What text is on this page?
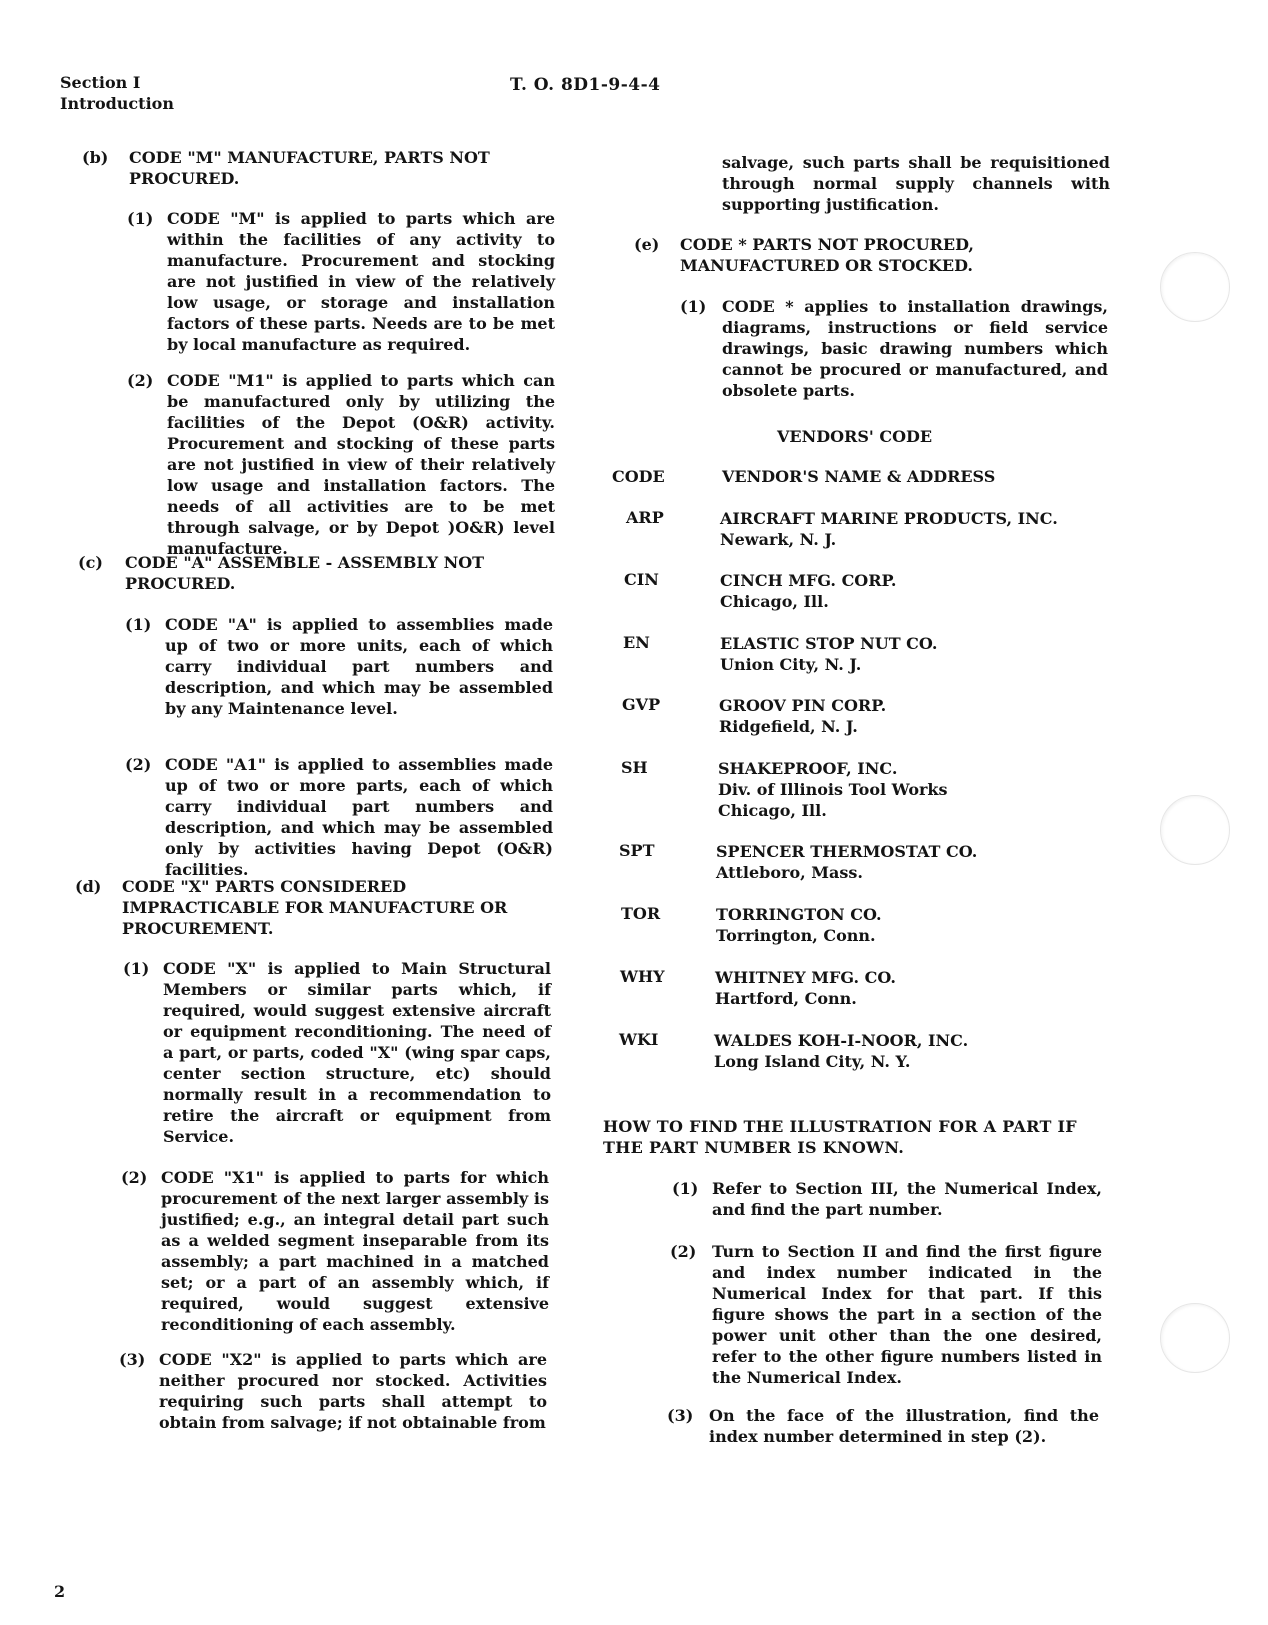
Section I
Introduction
T. O. 8D1-9-4-4
(b) CODE "M" MANUFACTURE, PARTS NOT PROCURED.
(1) CODE "M" is applied to parts which are within the facilities of any activity to manufacture. Procurement and stocking are not justified in view of the relatively low usage, or storage and installation factors of these parts. Needs are to be met by local manufacture as required.
(2) CODE "M1" is applied to parts which can be manufactured only by utilizing the facilities of the Depot (O&R) activity. Procurement and stocking of these parts are not justified in view of their relatively low usage and installation factors. The needs of all activities are to be met through salvage, or by Depot )O&R) level manufacture.
(c) CODE "A" ASSEMBLE - ASSEMBLY NOT PROCURED.
(1) CODE "A" is applied to assemblies made up of two or more units, each of which carry individual part numbers and description, and which may be assembled by any Maintenance level.
(2) CODE "A1" is applied to assemblies made up of two or more parts, each of which carry individual part numbers and description, and which may be assembled only by activities having Depot (O&R) facilities.
(d) CODE "X" PARTS CONSIDERED IMPRACTICABLE FOR MANUFACTURE OR PROCUREMENT.
(1) CODE "X" is applied to Main Structural Members or similar parts which, if required, would suggest extensive aircraft or equipment reconditioning. The need of a part, or parts, coded "X" (wing spar caps, center section structure, etc) should normally result in a recommendation to retire the aircraft or equipment from Service.
(2) CODE "X1" is applied to parts for which procurement of the next larger assembly is justified; e.g., an integral detail part such as a welded segment inseparable from its assembly; a part machined in a matched set; or a part of an assembly which, if required, would suggest extensive reconditioning of each assembly.
(3) CODE "X2" is applied to parts which are neither procured nor stocked. Activities requiring such parts shall attempt to obtain from salvage; if not obtainable from
salvage, such parts shall be requisitioned through normal supply channels with supporting justification.
(e) CODE * PARTS NOT PROCURED, MANUFACTURED OR STOCKED.
(1) CODE * applies to installation drawings, diagrams, instructions or field service drawings, basic drawing numbers which cannot be procured or manufactured, and obsolete parts.
VENDORS' CODE
CODE	VENDOR'S NAME & ADDRESS
ARP
CIN
EN
GVP
SH
SPT
TOR
WHY
WKI
AIRCRAFT MARINE PRODUCTS, INC.
Newark, N. J.
CINCH MFG. CORP.
Chicago, Ill.
ELASTIC STOP NUT CO.
Union City, N. J.
GROOV PIN CORP.
Ridgefield, N. J.
SHAKEPROOF, INC.
Div. of Illinois Tool Works
Chicago, Ill.
SPENCER THERMOSTAT CO.
Attleboro, Mass.
TORRINGTON CO.
Torrington, Conn.
WHITNEY MFG. CO.
Hartford, Conn.
WALDES KOH-I-NOOR, INC.
Long Island City, N. Y.
HOW TO FIND THE ILLUSTRATION FOR A PART IF THE PART NUMBER IS KNOWN.
(1) Refer to Section III, the Numerical Index, and find the part number.
(2) Turn to Section II and find the first figure and index number indicated in the Numerical Index for that part. If this figure shows the part in a section of the power unit other than the one desired, refer to the other figure numbers listed in the Numerical Index.
(3) On the face of the illustration, find the index number determined in step (2).
2
